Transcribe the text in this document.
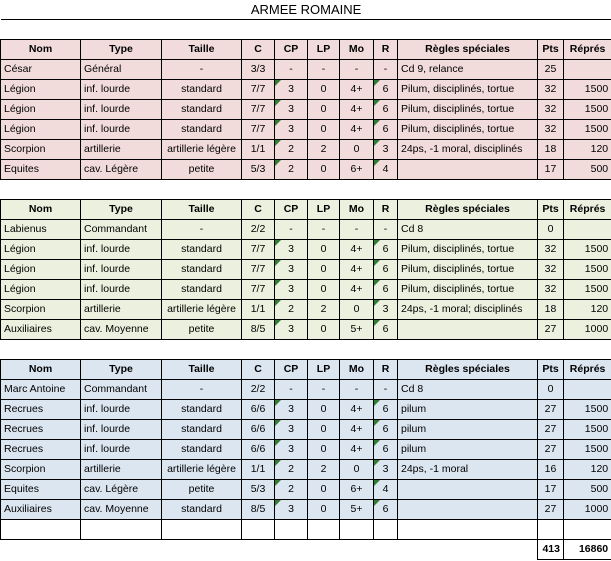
ARMEE ROMAINE										

Nom	Type	Taille	C	CP	LP	Mo	R	Règles spéciales	Pts	Réprés
César	Général	-	3/3	-	-	-	-	Cd 9, relance	25	
Légion	inf. lourde	standard	7/7	3	0	4+	6	Pilum, disciplinés, tortue	32	1500
Légion	inf. lourde	standard	7/7	3	0	4+	6	Pilum, disciplinés, tortue	32	1500
Légion	inf. lourde	standard	7/7	3	0	4+	6	Pilum, disciplinés, tortue	32	1500
Scorpion	artillerie	artillerie légère	1/1	2	2	0	3	24ps, -1 moral, disciplinés	18	120
Equites	cav. Légère	petite	5/3	2	0	6+	4		17	500

Nom	Type	Taille	C	CP	LP	Mo	R	Règles spéciales	Pts	Réprés
Labienus	Commandant	-	2/2	-	-	-	-	Cd 8	0	
Légion	inf. lourde	standard	7/7	3	0	4+	6	Pilum, disciplinés, tortue	32	1500
Légion	inf. lourde	standard	7/7	3	0	4+	6	Pilum, disciplinés, tortue	32	1500
Légion	inf. lourde	standard	7/7	3	0	4+	6	Pilum, disciplinés, tortue	32	1500
Scorpion	artillerie	artillerie légère	1/1	2	2	0	3	24ps, -1 moral; disciplinés	18	120
Auxiliaires	cav. Moyenne	petite	8/5	3	0	5+	6		27	1000

Nom	Type	Taille	C	CP	LP	Mo	R	Règles spéciales	Pts	Réprés
Marc Antoine	Commandant	-	2/2	-	-	-	-	Cd 8	0	
Recrues	inf. lourde	standard	6/6	3	0	4+	6	pilum	27	1500
Recrues	inf. lourde	standard	6/6	3	0	4+	6	pilum	27	1500
Recrues	inf. lourde	standard	6/6	3	0	4+	6	pilum	27	1500
Scorpion	artillerie	artillerie légère	1/1	2	2	0	3	24ps, -1 moral	16	120
Equites	cav. Légère	petite	5/3	2	0	6+	4		17	500
Auxiliaires	cav. Moyenne	standard	8/5	3	0	5+	6		27	1000

									413	16860
